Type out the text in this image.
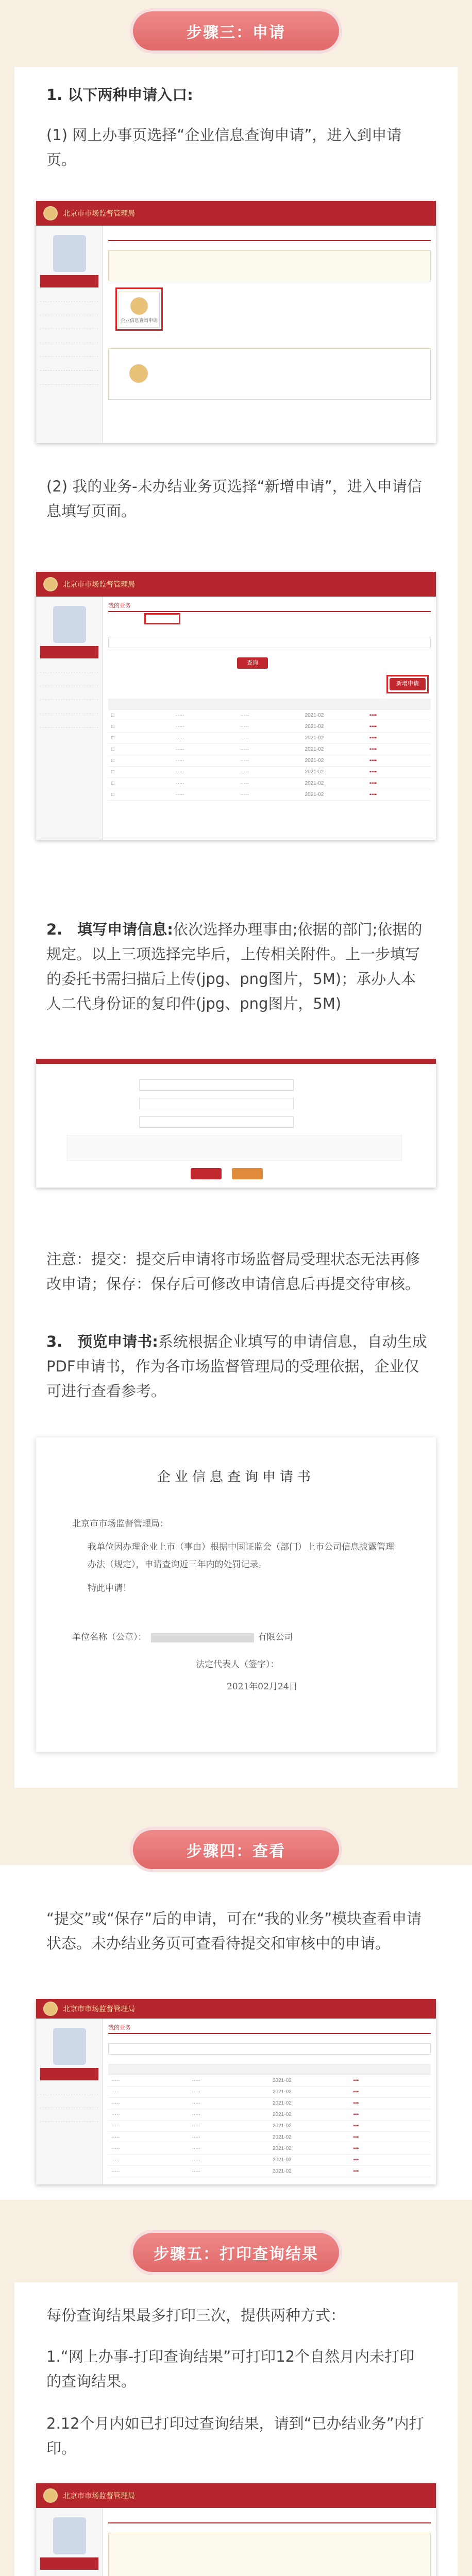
步骤三：申请
1. 以下两种申请入口:
(1) 网上办事页选择“企业信息查询申请”，进入到申请页。
北京市市场监督管理局
企业信息查询申请
(2) 我的业务-未办结业务页选择“新增申请”，进入申请信息填写页面。
北京市市场监督管理局
我的业务
查询
新增申请
□	·····	·····	2021-02	▪▪▪▪
□	·····	·····	2021-02	▪▪▪▪
□	·····	·····	2021-02	▪▪▪▪
□	·····	·····	2021-02	▪▪▪▪
□	·····	·····	2021-02	▪▪▪▪
□	·····	·····	2021-02	▪▪▪▪
□	·····	·····	2021-02	▪▪▪▪
□	·····	·····	2021-02	▪▪▪▪
2.　填写申请信息:依次选择办理事由;依据的部门;依据的规定。以上三项选择完毕后，上传相关附件。上一步填写的委托书需扫描后上传(jpg、png图片，5M)；承办人本人二代身份证的复印件(jpg、png图片，5M)
注意：提交：提交后申请将市场监督局受理状态无法再修改申请；保存：保存后可修改申请信息后再提交待审核。
3.　预览申请书:系统根据企业填写的申请信息，自动生成PDF申请书，作为各市场监督管理局的受理依据，企业仅可进行查看参考。
企业信息查询申请书
北京市市场监督管理局：
我单位因办理企业上市（事由）根据中国证监会（部门）上市公司信息披露管理办法（规定），申请查询近三年内的处罚记录。
特此申请！
单位名称（公章）：	有限公司
法定代表人（签字）：
2021年02月24日
步骤四：查看
“提交”或“保存”后的申请，可在“我的业务”模块查看申请状态。未办结业务页可查看待提交和审核中的申请。
北京市市场监督管理局
我的业务
·····	·····	2021-02	▪▪▪
·····	·····	2021-02	▪▪▪
·····	·····	2021-02	▪▪▪
·····	·····	2021-02	▪▪▪
·····	·····	2021-02	▪▪▪
·····	·····	2021-02	▪▪▪
·····	·····	2021-02	▪▪▪
·····	·····	2021-02	▪▪▪
·····	·····	2021-02	▪▪▪
步骤五：打印查询结果
每份查询结果最多打印三次，提供两种方式：
1.“网上办事-打印查询结果”可打印12个自然月内未打印的查询结果。
2.12个月内如已打印过查询结果，请到“已办结业务”内打印。
北京市市场监督管理局
